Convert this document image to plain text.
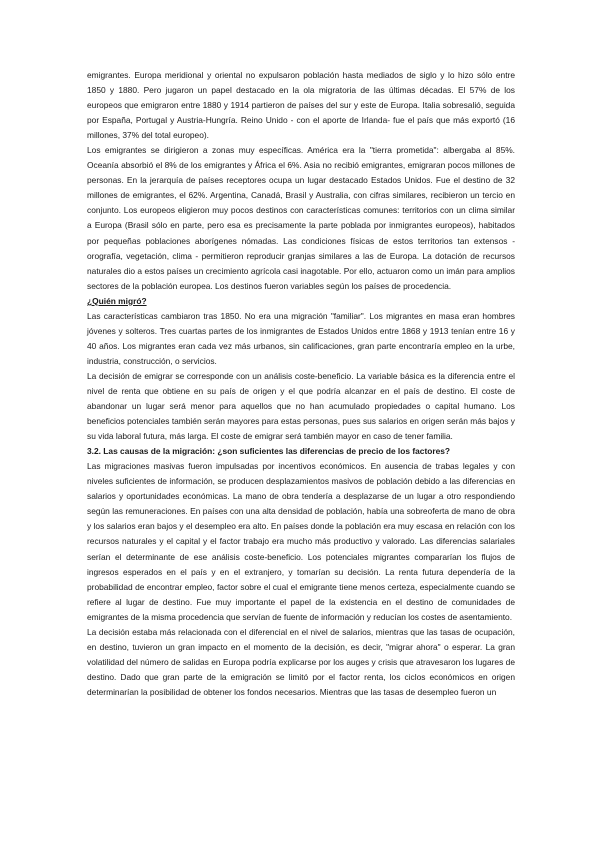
emigrantes. Europa meridional y oriental no expulsaron población hasta mediados de siglo y lo hizo sólo entre 1850 y 1880. Pero jugaron un papel destacado en la ola migratoria de las últimas décadas. El 57% de los europeos que emigraron entre 1880 y 1914 partieron de países del sur y este de Europa. Italia sobresalió, seguida por España, Portugal y Austria-Hungría. Reino Unido - con el aporte de Irlanda- fue el país que más exportó (16 millones, 37% del total europeo).

Los emigrantes se dirigieron a zonas muy específicas. América era la "tierra prometida": albergaba al 85%. Oceanía absorbió el 8% de los emigrantes y África el 6%. Asia no recibió emigrantes, emigraran pocos millones de personas. En la jerarquía de países receptores ocupa un lugar destacado Estados Unidos. Fue el destino de 32 millones de emigrantes, el 62%. Argentina, Canadá, Brasil y Australia, con cifras similares, recibieron un tercio en conjunto. Los europeos eligieron muy pocos destinos con características comunes: territorios con un clima similar a Europa (Brasil sólo en parte, pero esa es precisamente la parte poblada por inmigrantes europeos), habitados por pequeñas poblaciones aborígenes nómadas. Las condiciones físicas de estos territorios tan extensos - orografía, vegetación, clima - permitieron reproducir granjas similares a las de Europa. La dotación de recursos naturales dio a estos países un crecimiento agrícola casi inagotable. Por ello, actuaron como un imán para amplios sectores de la población europea. Los destinos fueron variables según los países de procedencia.

¿Quién migró?

Las características cambiaron tras 1850. No era una migración "familiar". Los migrantes en masa eran hombres jóvenes y solteros. Tres cuartas partes de los inmigrantes de Estados Unidos entre 1868 y 1913 tenían entre 16 y 40 años. Los migrantes eran cada vez más urbanos, sin calificaciones, gran parte encontraría empleo en la urbe, industria, construcción, o servicios.

La decisión de emigrar se corresponde con un análisis coste-beneficio. La variable básica es la diferencia entre el nivel de renta que obtiene en su país de origen y el que podría alcanzar en el país de destino. El coste de abandonar un lugar será menor para aquellos que no han acumulado propiedades o capital humano. Los beneficios potenciales también serán mayores para estas personas, pues sus salarios en origen serán más bajos y su vida laboral futura, más larga. El coste de emigrar será también mayor en caso de tener familia.

3.2. Las causas de la migración: ¿son suficientes las diferencias de precio de los factores?

Las migraciones masivas fueron impulsadas por incentivos económicos. En ausencia de trabas legales y con niveles suficientes de información, se producen desplazamientos masivos de población debido a las diferencias en salarios y oportunidades económicas. La mano de obra tendería a desplazarse de un lugar a otro respondiendo según las remuneraciones. En países con una alta densidad de población, había una sobreoferta de mano de obra y los salarios eran bajos y el desempleo era alto. En países donde la población era muy escasa en relación con los recursos naturales y el capital y el factor trabajo era mucho más productivo y valorado. Las diferencias salariales serían el determinante de ese análisis coste-beneficio. Los potenciales migrantes compararían los flujos de ingresos esperados en el país y en el extranjero, y tomarían su decisión. La renta futura dependería de la probabilidad de encontrar empleo, factor sobre el cual el emigrante tiene menos certeza, especialmente cuando se refiere al lugar de destino. Fue muy importante el papel de la existencia en el destino de comunidades de emigrantes de la misma procedencia que servían de fuente de información y reducían los costes de asentamiento.

La decisión estaba más relacionada con el diferencial en el nivel de salarios, mientras que las tasas de ocupación, en destino, tuvieron un gran impacto en el momento de la decisión, es decir, "migrar ahora" o esperar. La gran volatilidad del número de salidas en Europa podría explicarse por los auges y crisis que atravesaron los lugares de destino. Dado que gran parte de la emigración se limitó por el factor renta, los ciclos económicos en origen determinarían la posibilidad de obtener los fondos necesarios. Mientras que las tasas de desempleo fueron un
